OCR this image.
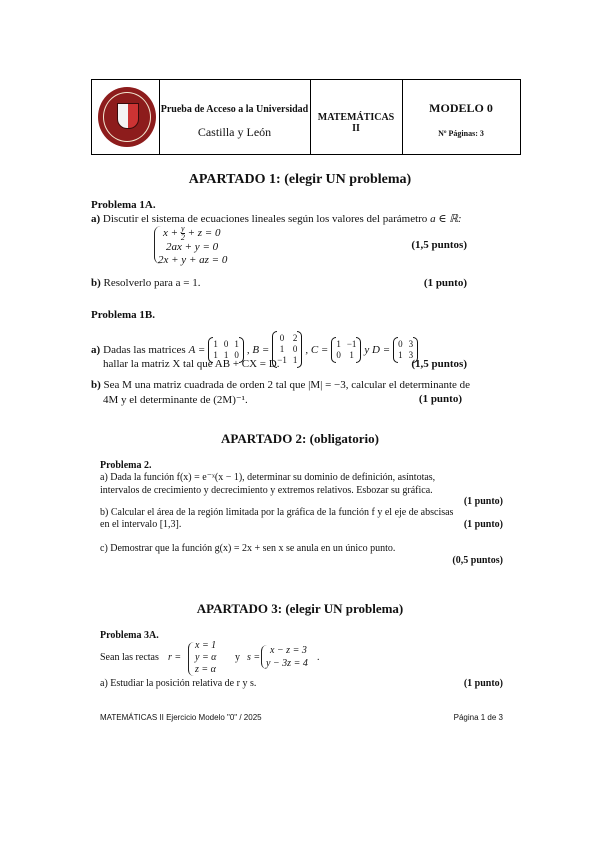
Prueba de Acceso a la Universidad
Castilla y León
MATEMÁTICAS
II
MODELO 0
Nº Páginas: 3
APARTADO 1: (elegir UN problema)
Problema 1A.
a) Discutir el sistema de ecuaciones lineales según los valores del parámetro a ∈ ℝ:
$x + \frac{y}{2} + z = 0$
2ax + y = 0
2x + y + az = 0
(1,5 puntos)
b) Resolverlo para a = 1.	(1 punto)
Problema 1B.
a) Dadas las matrices A = 1 0 1
1 1 0 , B =
0 2
1 0
−1 1
, C = 1 −1
0 1 y D = 0 3
1 3
hallar la matriz X tal que AB + CX = D.	(1,5 puntos)
b) Sea M una matriz cuadrada de orden 2 tal que |M| = −3, calcular el determinante de
4M y el determinante de (2M)⁻¹.	(1 punto)
APARTADO 2: (obligatorio)
Problema 2.
a) Dada la función f(x) = e⁻ˣ(x − 1), determinar su dominio de definición, asíntotas,
intervalos de crecimiento y decrecimiento y extremos relativos. Esbozar su gráfica.
(1 punto)
b) Calcular el área de la región limitada por la gráfica de la función f y el eje de abscisas
en el intervalo [1,3].	(1 punto)
c) Demostrar que la función g(x) = 2x + sen x se anula en un único punto.
(0,5 puntos)
APARTADO 3: (elegir UN problema)
Problema 3A.
Sean las rectas r =
x = 1
y = α
z = α
y s =
x − z = 3
y − 3z = 4
.
a) Estudiar la posición relativa de r y s.	(1 punto)
MATEMÁTICAS II Ejercicio Modelo "0" / 2025	Página 1 de 3
